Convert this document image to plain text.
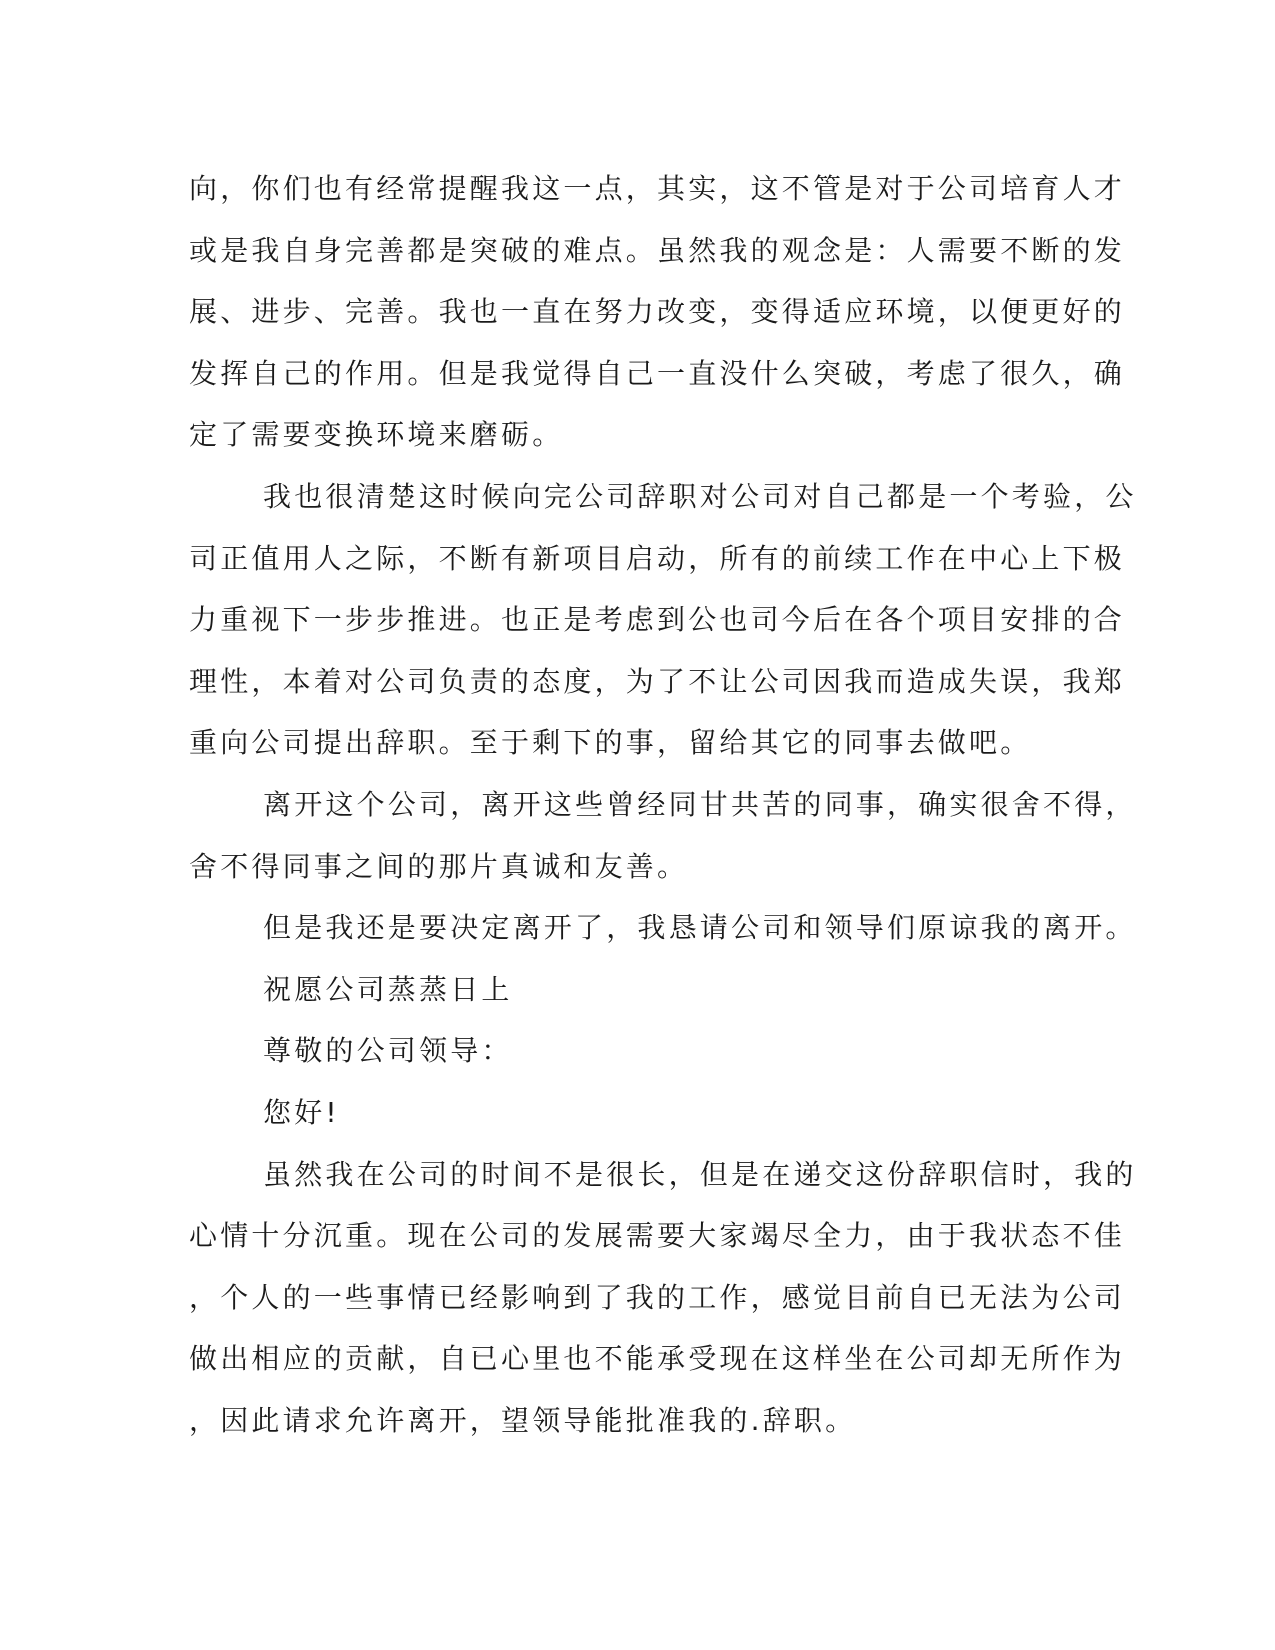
向，你们也有经常提醒我这一点，其实，这不管是对于公司培育人才
或是我自身完善都是突破的难点。虽然我的观念是：人需要不断的发
展、进步、完善。我也一直在努力改变，变得适应环境，以便更好的
发挥自己的作用。但是我觉得自己一直没什么突破，考虑了很久，确
定了需要变换环境来磨砺。
我也很清楚这时候向完公司辞职对公司对自己都是一个考验，公
司正值用人之际，不断有新项目启动，所有的前续工作在中心上下极
力重视下一步步推进。也正是考虑到公也司今后在各个项目安排的合
理性，本着对公司负责的态度，为了不让公司因我而造成失误，我郑
重向公司提出辞职。至于剩下的事，留给其它的同事去做吧。
离开这个公司，离开这些曾经同甘共苦的同事，确实很舍不得，
舍不得同事之间的那片真诚和友善。
但是我还是要决定离开了，我恳请公司和领导们原谅我的离开。
祝愿公司蒸蒸日上
尊敬的公司领导：
您好!
虽然我在公司的时间不是很长，但是在递交这份辞职信时，我的
心情十分沉重。现在公司的发展需要大家竭尽全力，由于我状态不佳
，个人的一些事情已经影响到了我的工作，感觉目前自已无法为公司
做出相应的贡献，自已心里也不能承受现在这样坐在公司却无所作为
，因此请求允许离开，望领导能批准我的.辞职。
